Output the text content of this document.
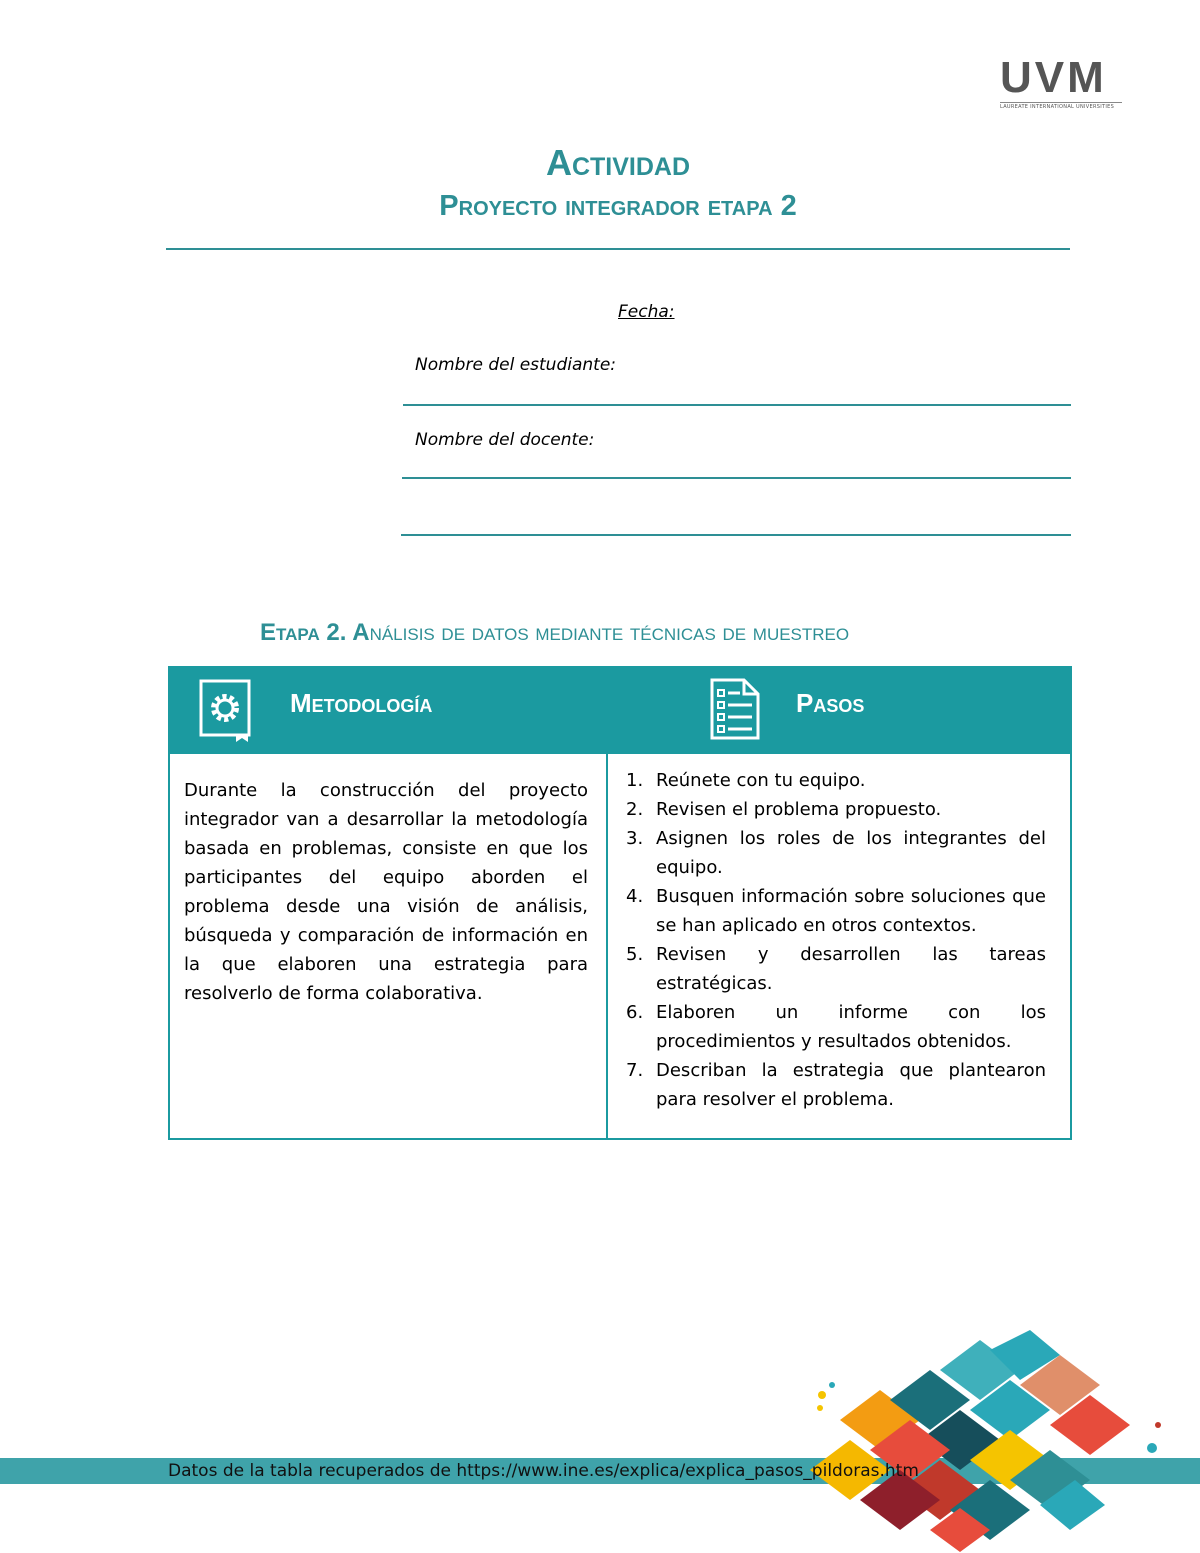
UVM
LAUREATE INTERNATIONAL UNIVERSITIES
Actividad
Proyecto integrador etapa 2
Fecha:
Nombre del estudiante:
Nombre del docente:
Etapa 2. Análisis de datos mediante técnicas de muestreo
Metodología	Pasos
Durante la construcción del proyecto integrador van a desarrollar la metodología basada en problemas, consiste en que los participantes del equipo aborden el problema desde una visión de análisis, búsqueda y comparación de información en la que elaboren una estrategia para resolverlo de forma colaborativa.
1. Reúnete con tu equipo.
2. Revisen el problema propuesto.
3. Asignen los roles de los integrantes del equipo.
4. Busquen información sobre soluciones que se han aplicado en otros contextos.
5. Revisen y desarrollen las tareas estratégicas.
6. Elaboren un informe con los procedimientos y resultados obtenidos.
7. Describan la estrategia que plantearon para resolver el problema.
Datos de la tabla recuperados de https://www.ine.es/explica/explica_pasos_pildoras.htm
